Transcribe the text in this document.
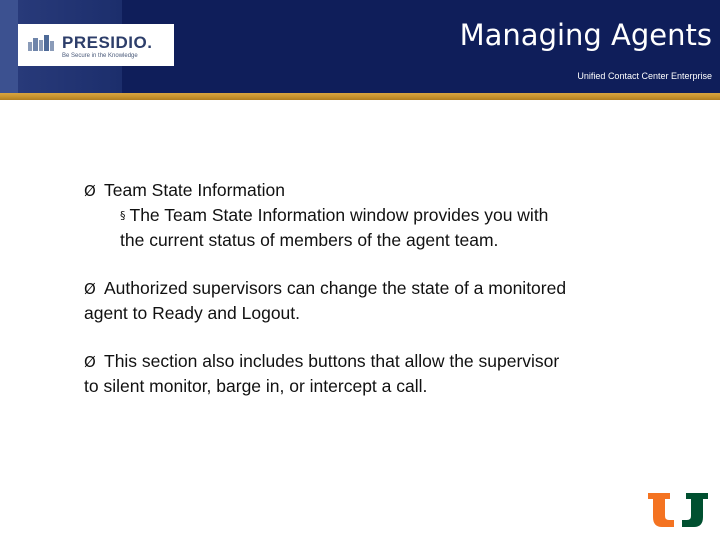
PRESIDIO.
Be Secure in the Knowledge
Managing Agents
Unified Contact Center Enterprise
Ø Team State Information
§ The Team State Information window provides you with
the current status of members of the agent team.
Ø Authorized supervisors can change the state of a monitored
agent to Ready and Logout.
Ø This section also includes buttons that allow the supervisor
to silent monitor, barge in, or intercept a call.
